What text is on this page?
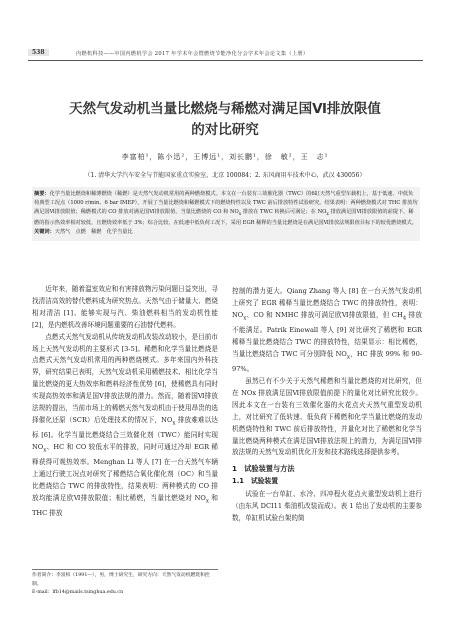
538	内燃机科技——中国内燃机学会 2017 年学术年会暨燃烧节能净化分会学术年会论文集（上册）
天然气发动机当量比燃烧与稀燃对满足国Ⅵ排放限值
的对比研究
李富柏¹，陈小迅²，王博远¹，刘长鹏¹，徐　敏²，王　志¹
（1. 清华大学汽车安全与节能国家重点实验室，北京 100084；2. 东风商用车技术中心，武汉 430056）
摘要：化学当量比燃烧和稀薄燃烧（稀燃）是天然气发动机常用的两种燃烧模式。本文在一台装有三效催化器（TWC）的6缸天然气重型车载机上，基于低速、中低负荷典型工况点（1000 r/min、6 bar IMEP），开展了当量比燃烧和稀燃模式下的燃烧特性以及 TWC 前后排放特性试验研究。结果表明：两种燃烧模式对 THC 排放均满足国Ⅵ排放限值；稀燃模式的 CO 排放对满足国Ⅵ排放限值，当量比燃烧的 CO 和 $NO_x$ 排放在 TWC 转换后可满足；在 $NO_x$ 排放满足国Ⅵ排放限值的前提下，稀燃的指示热效率相对较低，且燃烧效率低于 3%；综合比较，在低速中低负荷工况下，采用 EGR 稀释的当量比燃烧是在满足国Ⅵ排放法规限值目标下的较优燃烧模式。
关键词：天然气　点燃　稀燃　化学当量比

近年来，随着温室效应和有害排放物污染问题日益突出，寻找清洁高效的替代燃料成为研究热点。天然气由于储量大、燃烧相对清洁 [1]、能够实现与汽、柴油燃料相当的发动机性能 [2]，是内燃机改善环境问题重要的石油替代燃料。

点燃式天然气发动机从传统发动机改装改动较小，是目前市场上天然气发动机的主要形式 [3-5]。稀燃和化学当量比燃烧是点燃式天然气发动机常用的两种燃烧模式。多年来国内外科技界，研究结果已表明，天然气发动机采用稀燃技术、相比化学当量比燃烧的更大热效率和燃料经济性优势 [6]，使稀燃具有同时实现高热效率和满足国Ⅴ排放法规的潜力。然而，随着国Ⅵ排放法规的提出，当前市场上的稀燃天然气发动机由于使用昂贵的选择催化还原（SCR）后处理技术的情况下，$NO_x$ 排放难难以达标 [6]。化学当量比燃烧结合三效催化剂（TWC）能同时实现 $NO_x$、HC 和 CO 较低水平的排放，同时可通过冷却 EGR 稀释获得可观热效率。Menghan Li 等人 [7] 在一台天然气车辆上通过行驶工况点对研究了稀燃结合氧化催化剂（OC）和当量比燃烧结合 TWC 的排放特性，结果表明：两种模式的 CO 排放均能满足欧Ⅵ排放限值；相比稀燃，当量比燃烧对 $NO_x$ 和 THC 排放

作者简介：李富柏（1991—），男，博士研究生，研究方向：天然气发动机燃烧和控制。
E-mail：lfb14@mails.tsinghua.edu.cn

控制的潜力更大。Qiang Zhang 等人 [8] 在一台天然气发动机上研究了 EGR 稀释当量比燃烧结合 TWC 的排放特性，表明：$NO_x$、CO 和 NMHC 排放可满足欧Ⅵ排放限值，但 $CH_4$ 排放不能满足。Patrik Einewall 等人 [9] 对比研究了稀燃和 EGR 稀释当量比燃烧结合 TWC 的排放特性，结果显示：相比稀燃，当量比燃烧结合 TWC 可分别降低 $NO_x$，HC 排放 99% 和 90-97%。

虽然已有不少关于天然气稀燃和当量比燃烧的对比研究，但在 NOx 排放满足国Ⅵ排放限值前提下的量化对比研究比较少。因此本文在一台装有三效催化器的火花点火天然气重型发动机上，对比研究了低转速、低负荷下稀燃和化学当量比燃烧的发动机燃烧特性和 TWC 前后排放特性，并量化对比了稀燃和化学当量比燃烧两种模式在满足国Ⅵ排放法规上的潜力，为满足国Ⅵ排放法规的天然气发动机优化开发和技术路线选择提供参考。

1　试验装置与方法
1.1　试验装置

试验在一台单缸、水冷、四冲程火花点火重型发动机上进行（由东风 DCI11 柴油机改装而成）。表 1 给出了发动机的主要参数，单缸机试验台架的简
